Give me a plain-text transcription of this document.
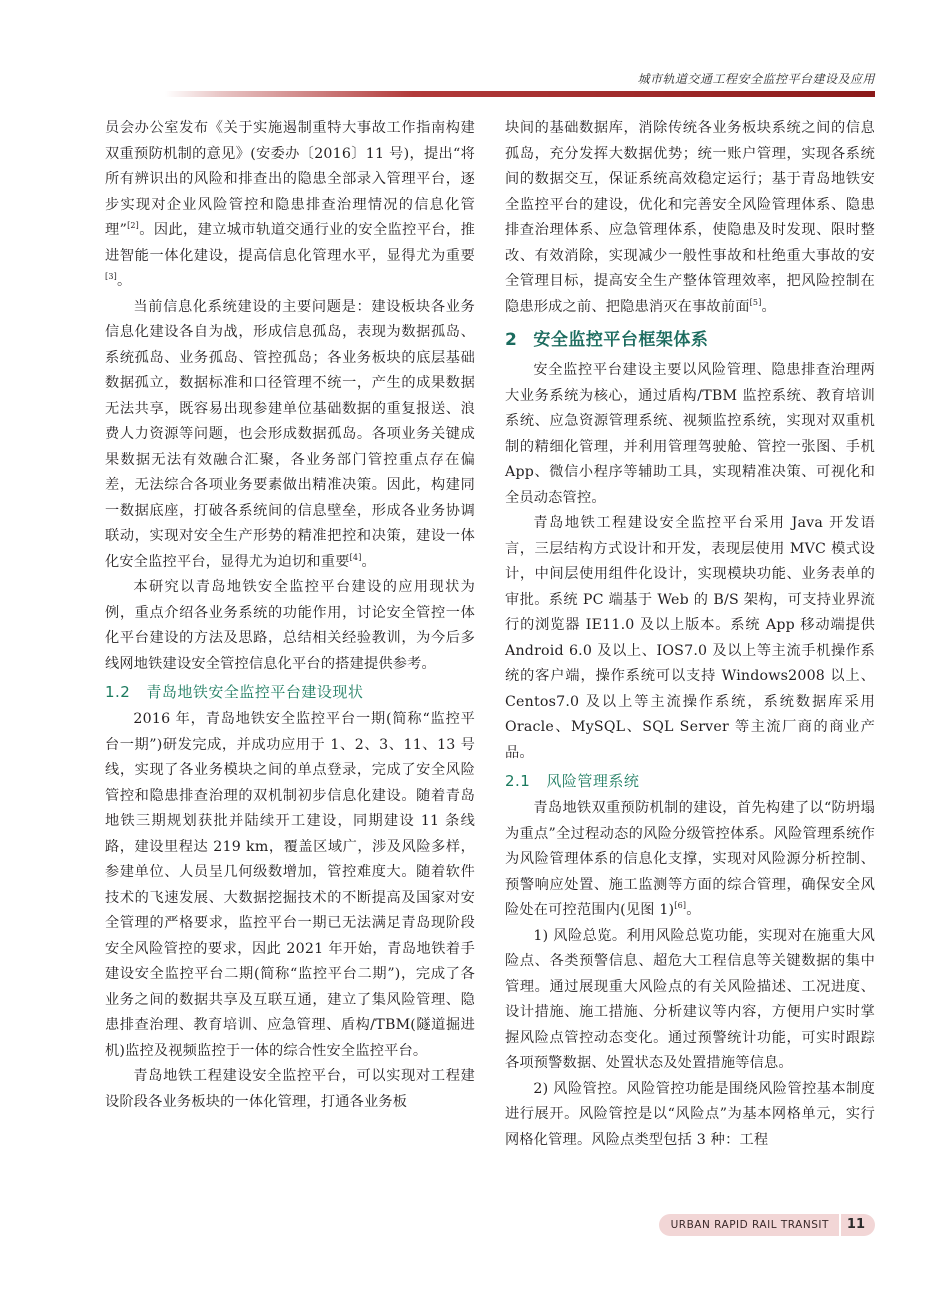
城市轨道交通工程安全监控平台建设及应用

员会办公室发布《关于实施遏制重特大事故工作指南构建双重预防机制的意见》(安委办〔2016〕11 号)，提出“将所有辨识出的风险和排查出的隐患全部录入管理平台，逐步实现对企业风险管控和隐患排查治理情况的信息化管理”[2]。因此，建立城市轨道交通行业的安全监控平台，推进智能一体化建设，提高信息化管理水平，显得尤为重要[3]。

当前信息化系统建设的主要问题是：建设板块各业务信息化建设各自为战，形成信息孤岛，表现为数据孤岛、系统孤岛、业务孤岛、管控孤岛；各业务板块的底层基础数据孤立，数据标准和口径管理不统一，产生的成果数据无法共享，既容易出现参建单位基础数据的重复报送、浪费人力资源等问题，也会形成数据孤岛。各项业务关键成果数据无法有效融合汇聚，各业务部门管控重点存在偏差，无法综合各项业务要素做出精准决策。因此，构建同一数据底座，打破各系统间的信息壁垒，形成各业务协调联动，实现对安全生产形势的精准把控和决策，建设一体化安全监控平台，显得尤为迫切和重要[4]。

本研究以青岛地铁安全监控平台建设的应用现状为例，重点介绍各业务系统的功能作用，讨论安全管控一体化平台建设的方法及思路，总结相关经验教训，为今后多线网地铁建设安全管控信息化平台的搭建提供参考。

1.2 青岛地铁安全监控平台建设现状

2016 年，青岛地铁安全监控平台一期(简称“监控平台一期”)研发完成，并成功应用于 1、2、3、11、13 号线，实现了各业务模块之间的单点登录，完成了安全风险管控和隐患排查治理的双机制初步信息化建设。随着青岛地铁三期规划获批并陆续开工建设，同期建设 11 条线路，建设里程达 219 km，覆盖区域广，涉及风险多样，参建单位、人员呈几何级数增加，管控难度大。随着软件技术的飞速发展、大数据挖掘技术的不断提高及国家对安全管理的严格要求，监控平台一期已无法满足青岛现阶段安全风险管控的要求，因此 2021 年开始，青岛地铁着手建设安全监控平台二期(简称“监控平台二期”)，完成了各业务之间的数据共享及互联互通，建立了集风险管理、隐患排查治理、教育培训、应急管理、盾构/TBM(隧道掘进机)监控及视频监控于一体的综合性安全监控平台。

青岛地铁工程建设安全监控平台，可以实现对工程建设阶段各业务板块的一体化管理，打通各业务板

块间的基础数据库，消除传统各业务板块系统之间的信息孤岛，充分发挥大数据优势；统一账户管理，实现各系统间的数据交互，保证系统高效稳定运行；基于青岛地铁安全监控平台的建设，优化和完善安全风险管理体系、隐患排查治理体系、应急管理体系，使隐患及时发现、限时整改、有效消除，实现减少一般性事故和杜绝重大事故的安全管理目标，提高安全生产整体管理效率，把风险控制在隐患形成之前、把隐患消灭在事故前面[5]。

2 安全监控平台框架体系

安全监控平台建设主要以风险管理、隐患排查治理两大业务系统为核心，通过盾构/TBM 监控系统、教育培训系统、应急资源管理系统、视频监控系统，实现对双重机制的精细化管理，并利用管理驾驶舱、管控一张图、手机 App、微信小程序等辅助工具，实现精准决策、可视化和全员动态管控。

青岛地铁工程建设安全监控平台采用 Java 开发语言，三层结构方式设计和开发，表现层使用 MVC 模式设计，中间层使用组件化设计，实现模块功能、业务表单的审批。系统 PC 端基于 Web 的 B/S 架构，可支持业界流行的浏览器 IE11.0 及以上版本。系统 App 移动端提供 Android 6.0 及以上、IOS7.0 及以上等主流手机操作系统的客户端，操作系统可以支持 Windows2008 以上、Centos7.0 及以上等主流操作系统，系统数据库采用 Oracle、MySQL、SQL Server 等主流厂商的商业产品。

2.1 风险管理系统

青岛地铁双重预防机制的建设，首先构建了以“防坍塌为重点”全过程动态的风险分级管控体系。风险管理系统作为风险管理体系的信息化支撑，实现对风险源分析控制、预警响应处置、施工监测等方面的综合管理，确保安全风险处在可控范围内(见图 1)[6]。

1) 风险总览。利用风险总览功能，实现对在施重大风险点、各类预警信息、超危大工程信息等关键数据的集中管理。通过展现重大风险点的有关风险描述、工况进度、设计措施、施工措施、分析建议等内容，方便用户实时掌握风险点管控动态变化。通过预警统计功能，可实时跟踪各项预警数据、处置状态及处置措施等信息。

2) 风险管控。风险管控功能是围绕风险管控基本制度进行展开。风险管控是以“风险点”为基本网格单元，实行网格化管理。风险点类型包括 3 种：工程

URBAN RAPID RAIL TRANSIT	11
